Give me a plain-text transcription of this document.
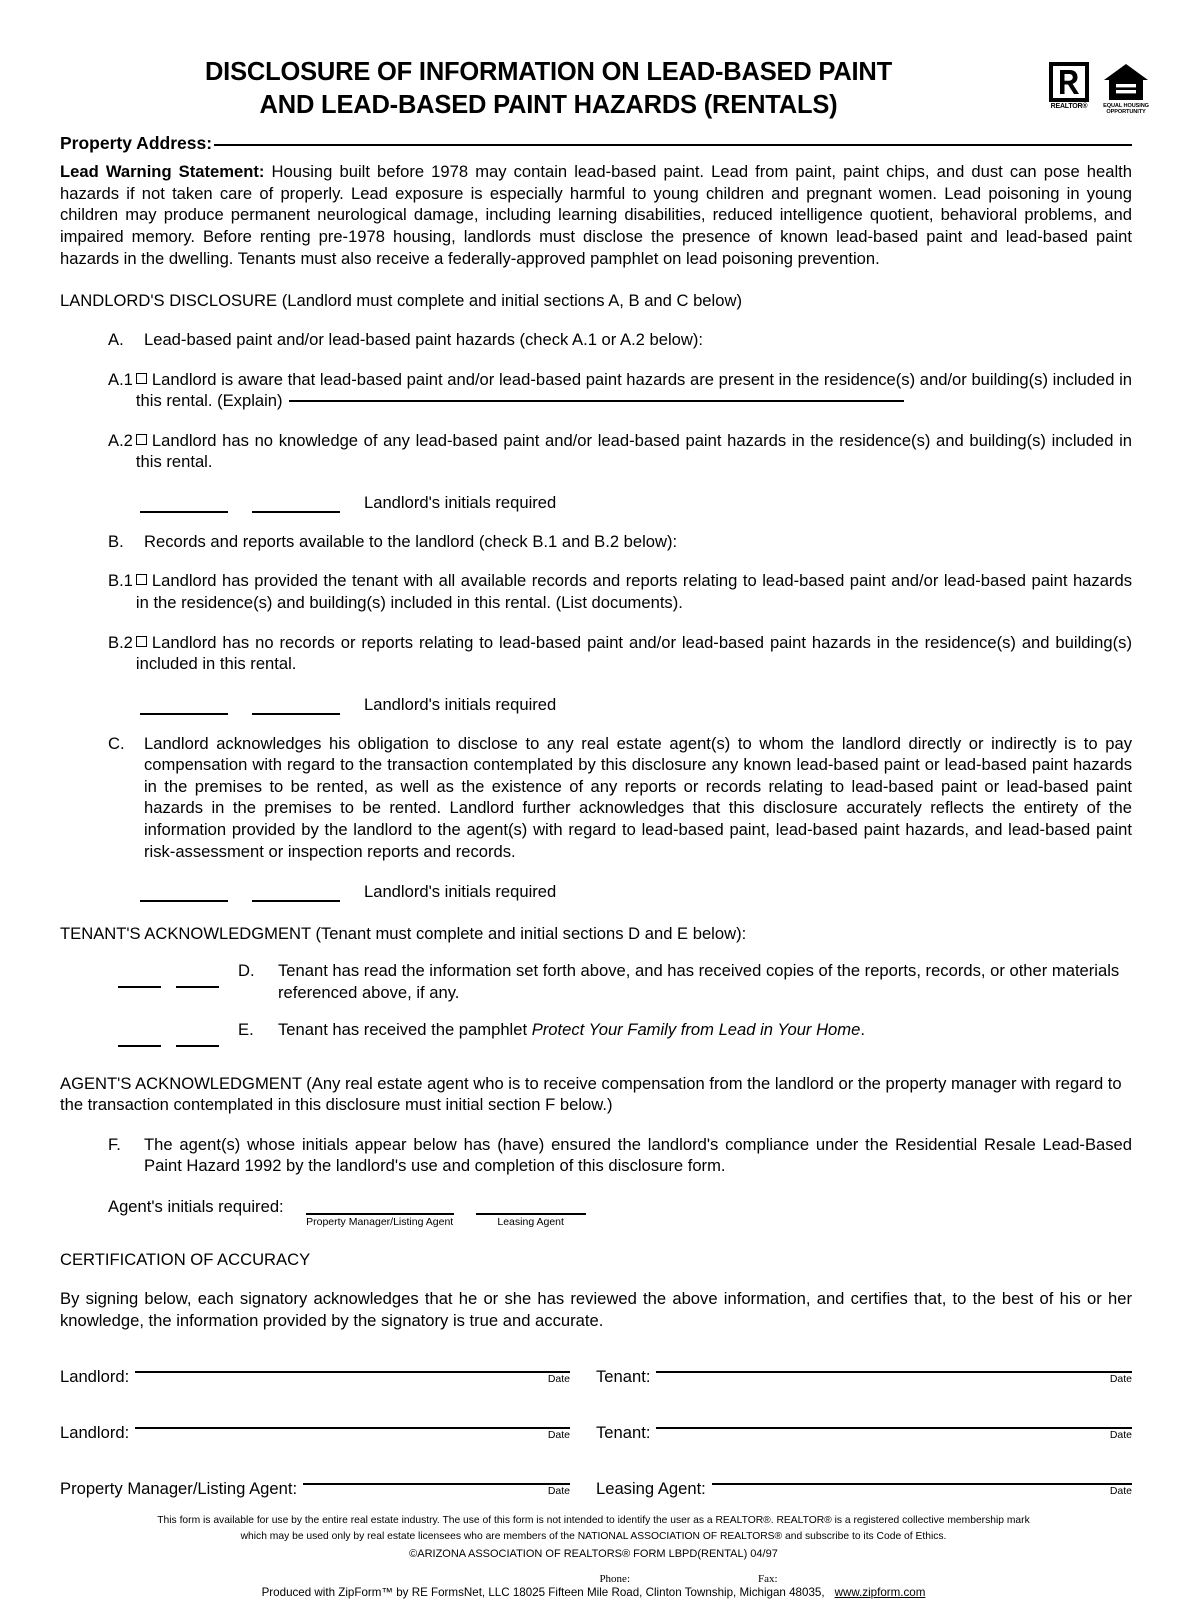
DISCLOSURE OF INFORMATION ON LEAD-BASED PAINT
AND LEAD-BASED PAINT HAZARDS (RENTALS)	REALTOR®	EQUAL HOUSING
OPPORTUNITY
Property Address:
Lead Warning Statement: Housing built before 1978 may contain lead-based paint. Lead from paint, paint chips, and dust can pose health hazards if not taken care of properly. Lead exposure is especially harmful to young children and pregnant women. Lead poisoning in young children may produce permanent neurological damage, including learning disabilities, reduced intelligence quotient, behavioral problems, and impaired memory. Before renting pre-1978 housing, landlords must disclose the presence of known lead-based paint and lead-based paint hazards in the dwelling. Tenants must also receive a federally-approved pamphlet on lead poisoning prevention.
LANDLORD'S DISCLOSURE (Landlord must complete and initial sections A, B and C below)
A.	Lead-based paint and/or lead-based paint hazards (check A.1 or A.2 below):
A.1	Landlord is aware that lead-based paint and/or lead-based paint hazards are present in the residence(s) and/or building(s) included in this rental. (Explain)
A.2	Landlord has no knowledge of any lead-based paint and/or lead-based paint hazards in the residence(s) and building(s) included in this rental.
Landlord's initials required
B.	Records and reports available to the landlord (check B.1 and B.2 below):
B.1	Landlord has provided the tenant with all available records and reports relating to lead-based paint and/or lead-based paint hazards in the residence(s) and building(s) included in this rental. (List documents).
B.2	Landlord has no records or reports relating to lead-based paint and/or lead-based paint hazards in the residence(s) and building(s) included in this rental.
Landlord's initials required
C.	Landlord acknowledges his obligation to disclose to any real estate agent(s) to whom the landlord directly or indirectly is to pay compensation with regard to the transaction contemplated by this disclosure any known lead-based paint or lead-based paint hazards in the premises to be rented, as well as the existence of any reports or records relating to lead-based paint or lead-based paint hazards in the premises to be rented. Landlord further acknowledges that this disclosure accurately reflects the entirety of the information provided by the landlord to the agent(s) with regard to lead-based paint, lead-based paint hazards, and lead-based paint risk-assessment or inspection reports and records.
Landlord's initials required
TENANT'S ACKNOWLEDGMENT (Tenant must complete and initial sections D and E below):
D.	Tenant has read the information set forth above, and has received copies of the reports, records, or other materials referenced above, if any.
E.	Tenant has received the pamphlet Protect Your Family from Lead in Your Home.
AGENT'S ACKNOWLEDGMENT (Any real estate agent who is to receive compensation from the landlord or the property manager with regard to the transaction contemplated in this disclosure must initial section F below.)
F.	The agent(s) whose initials appear below has (have) ensured the landlord's compliance under the Residential Resale Lead-Based Paint Hazard 1992 by the landlord's use and completion of this disclosure form.
Agent's initials required:
Property Manager/Listing Agent	Leasing Agent
CERTIFICATION OF ACCURACY
By signing below, each signatory acknowledges that he or she has reviewed the above information, and certifies that, to the best of his or her knowledge, the information provided by the signatory is true and accurate.
Landlord:	Date Tenant:	Date
Landlord:	Date Tenant:	Date
Property Manager/Listing Agent:	Date Leasing Agent:	Date
This form is available for use by the entire real estate industry. The use of this form is not intended to identify the user as a REALTOR®. REALTOR® is a registered collective membership mark
which may be used only by real estate licensees who are members of the NATIONAL ASSOCIATION OF REALTORS® and subscribe to its Code of Ethics.
©ARIZONA ASSOCIATION OF REALTORS® FORM LBPD(RENTAL) 04/97
Phone:	Fax:
Produced with ZipForm™ by RE FormsNet, LLC 18025 Fifteen Mile Road, Clinton Township, Michigan 48035, www.zipform.com
